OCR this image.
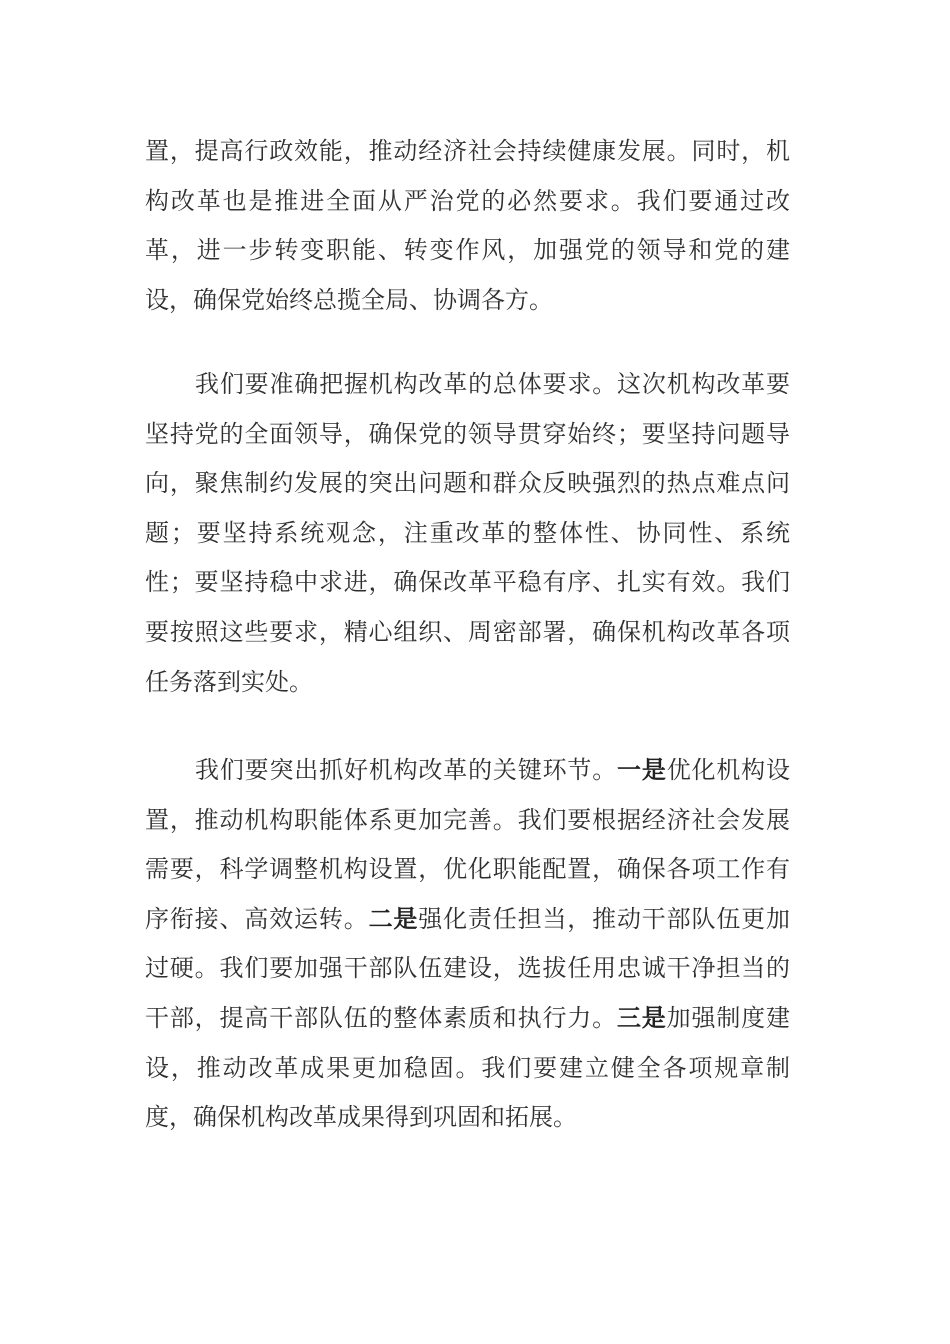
置，提高行政效能，推动经济社会持续健康发展。同时，机构改革也是推进全面从严治党的必然要求。我们要通过改革，进一步转变职能、转变作风，加强党的领导和党的建设，确保党始终总揽全局、协调各方。

我们要准确把握机构改革的总体要求。这次机构改革要坚持党的全面领导，确保党的领导贯穿始终；要坚持问题导向，聚焦制约发展的突出问题和群众反映强烈的热点难点问题；要坚持系统观念，注重改革的整体性、协同性、系统性；要坚持稳中求进，确保改革平稳有序、扎实有效。我们要按照这些要求，精心组织、周密部署，确保机构改革各项任务落到实处。

我们要突出抓好机构改革的关键环节。一是优化机构设置，推动机构职能体系更加完善。我们要根据经济社会发展需要，科学调整机构设置，优化职能配置，确保各项工作有序衔接、高效运转。二是强化责任担当，推动干部队伍更加过硬。我们要加强干部队伍建设，选拔任用忠诚干净担当的干部，提高干部队伍的整体素质和执行力。三是加强制度建设，推动改革成果更加稳固。我们要建立健全各项规章制度，确保机构改革成果得到巩固和拓展。
